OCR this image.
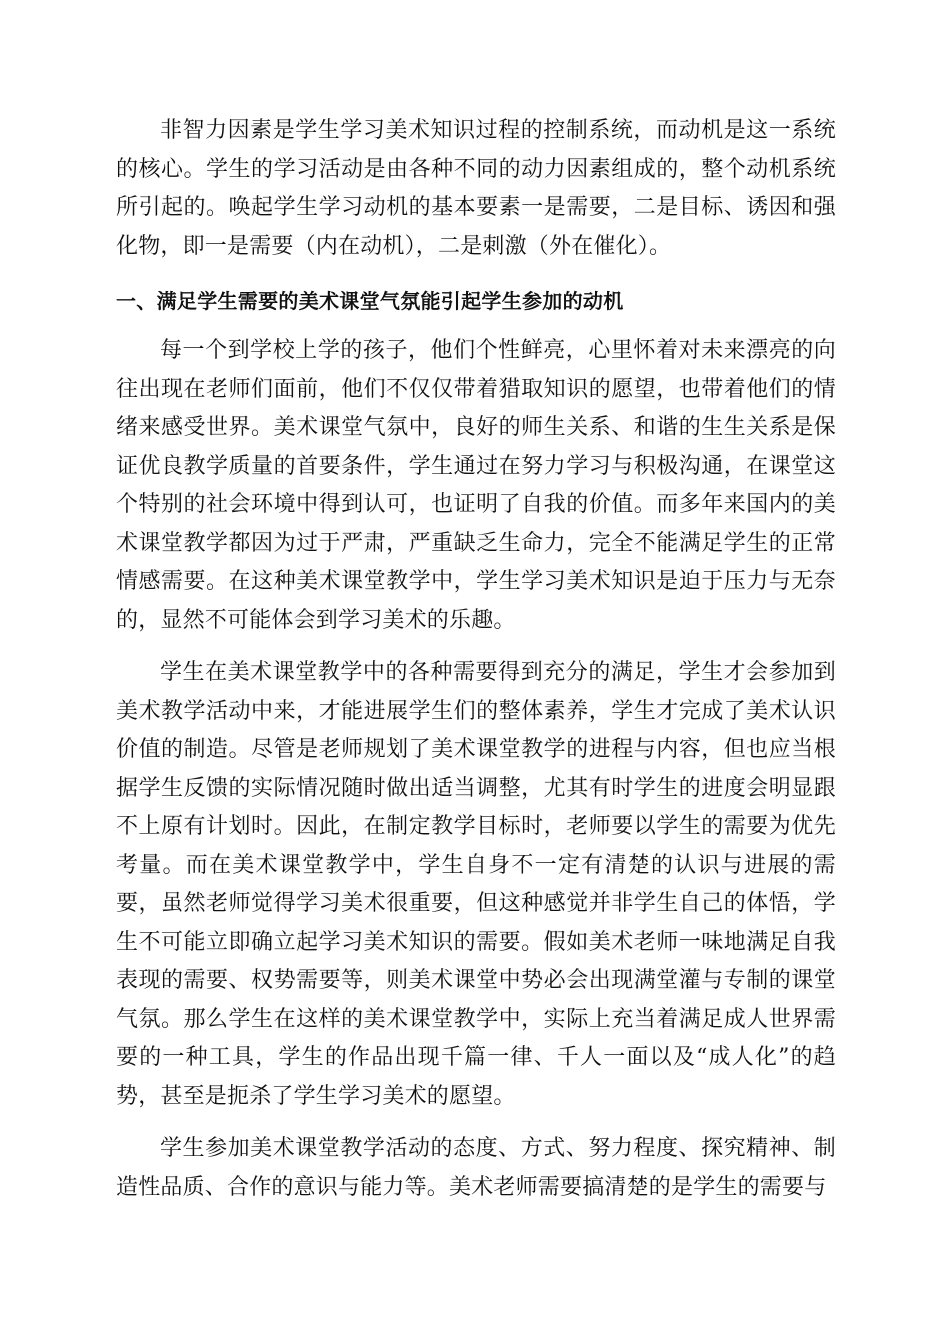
非智力因素是学生学习美术知识过程的控制系统，而动机是这一系统的核心。学生的学习活动是由各种不同的动力因素组成的，整个动机系统所引起的。唤起学生学习动机的基本要素一是需要，二是目标、诱因和强化物，即一是需要（内在动机），二是刺激（外在催化）。

一、满足学生需要的美术课堂气氛能引起学生参加的动机

每一个到学校上学的孩子，他们个性鲜亮，心里怀着对未来漂亮的向往出现在老师们面前，他们不仅仅带着猎取知识的愿望，也带着他们的情绪来感受世界。美术课堂气氛中，良好的师生关系、和谐的生生关系是保证优良教学质量的首要条件，学生通过在努力学习与积极沟通，在课堂这个特别的社会环境中得到认可，也证明了自我的价值。而多年来国内的美术课堂教学都因为过于严肃，严重缺乏生命力，完全不能满足学生的正常情感需要。在这种美术课堂教学中，学生学习美术知识是迫于压力与无奈的，显然不可能体会到学习美术的乐趣。

学生在美术课堂教学中的各种需要得到充分的满足，学生才会参加到美术教学活动中来，才能进展学生们的整体素养，学生才完成了美术认识价值的制造。尽管是老师规划了美术课堂教学的进程与内容，但也应当根据学生反馈的实际情况随时做出适当调整，尤其有时学生的进度会明显跟不上原有计划时。因此，在制定教学目标时，老师要以学生的需要为优先考量。而在美术课堂教学中，学生自身不一定有清楚的认识与进展的需要，虽然老师觉得学习美术很重要，但这种感觉并非学生自己的体悟，学生不可能立即确立起学习美术知识的需要。假如美术老师一味地满足自我表现的需要、权势需要等，则美术课堂中势必会出现满堂灌与专制的课堂气氛。那么学生在这样的美术课堂教学中，实际上充当着满足成人世界需要的一种工具，学生的作品出现千篇一律、千人一面以及“成人化”的趋势，甚至是扼杀了学生学习美术的愿望。

学生参加美术课堂教学活动的态度、方式、努力程度、探究精神、制造性品质、合作的意识与能力等。美术老师需要搞清楚的是学生的需要与
